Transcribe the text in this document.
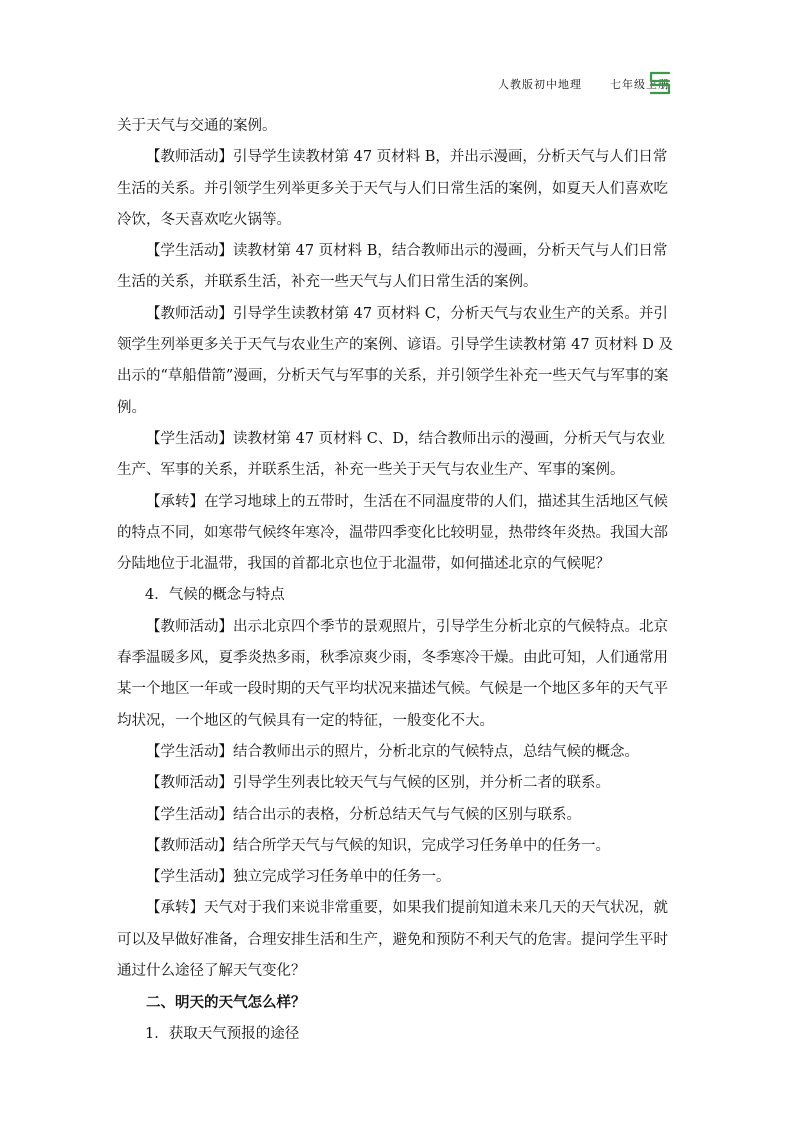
人教版初中地理	七年级上册

关于天气与交通的案例。

【教师活动】引导学生读教材第 47 页材料 B，并出示漫画，分析天气与人们日常生活的关系。并引领学生列举更多关于天气与人们日常生活的案例，如夏天人们喜欢吃冷饮，冬天喜欢吃火锅等。

【学生活动】读教材第 47 页材料 B，结合教师出示的漫画，分析天气与人们日常生活的关系，并联系生活，补充一些天气与人们日常生活的案例。

【教师活动】引导学生读教材第 47 页材料 C，分析天气与农业生产的关系。并引领学生列举更多关于天气与农业生产的案例、谚语。引导学生读教材第 47 页材料 D 及出示的“草船借箭”漫画，分析天气与军事的关系，并引领学生补充一些天气与军事的案例。

【学生活动】读教材第 47 页材料 C、D，结合教师出示的漫画，分析天气与农业生产、军事的关系，并联系生活，补充一些关于天气与农业生产、军事的案例。

【承转】在学习地球上的五带时，生活在不同温度带的人们，描述其生活地区气候的特点不同，如寒带气候终年寒冷，温带四季变化比较明显，热带终年炎热。我国大部分陆地位于北温带，我国的首都北京也位于北温带，如何描述北京的气候呢？

4．气候的概念与特点

【教师活动】出示北京四个季节的景观照片，引导学生分析北京的气候特点。北京春季温暖多风，夏季炎热多雨，秋季凉爽少雨，冬季寒冷干燥。由此可知，人们通常用某一个地区一年或一段时期的天气平均状况来描述气候。气候是一个地区多年的天气平均状况，一个地区的气候具有一定的特征，一般变化不大。

【学生活动】结合教师出示的照片，分析北京的气候特点，总结气候的概念。

【教师活动】引导学生列表比较天气与气候的区别，并分析二者的联系。

【学生活动】结合出示的表格，分析总结天气与气候的区别与联系。

【教师活动】结合所学天气与气候的知识，完成学习任务单中的任务一。

【学生活动】独立完成学习任务单中的任务一。

【承转】天气对于我们来说非常重要，如果我们提前知道未来几天的天气状况，就可以及早做好准备，合理安排生活和生产，避免和预防不利天气的危害。提问学生平时通过什么途径了解天气变化？

二、明天的天气怎么样？

1．获取天气预报的途径
